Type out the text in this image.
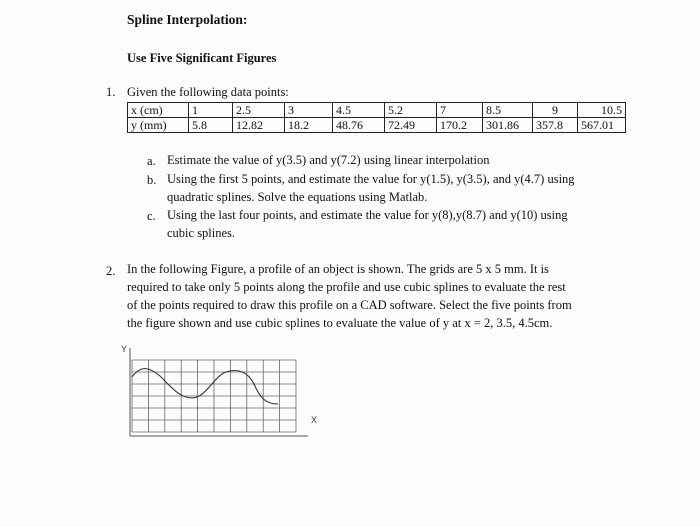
Spline Interpolation:
Use Five Significant Figures
1. Given the following data points:
x (cm)	1	2.5	3	4.5	5.2	7	8.5	9	10.5
y (mm)	5.8	12.82	18.2	48.76	72.49	170.2	301.86	357.8	567.01
a. Estimate the value of y(3.5) and y(7.2) using linear interpolation
b. Using the first 5 points, and estimate the value for y(1.5), y(3.5), and y(4.7) using
quadratic splines. Solve the equations using Matlab.
c. Using the last four points, and estimate the value for y(8),y(8.7) and y(10) using
cubic splines.
2. In the following Figure, a profile of an object is shown. The grids are 5 x 5 mm. It is
required to take only 5 points along the profile and use cubic splines to evaluate the rest
of the points required to draw this profile on a CAD software. Select the five points from
the figure shown and use cubic splines to evaluate the value of y at x = 2, 3.5, 4.5cm.
Y
X
